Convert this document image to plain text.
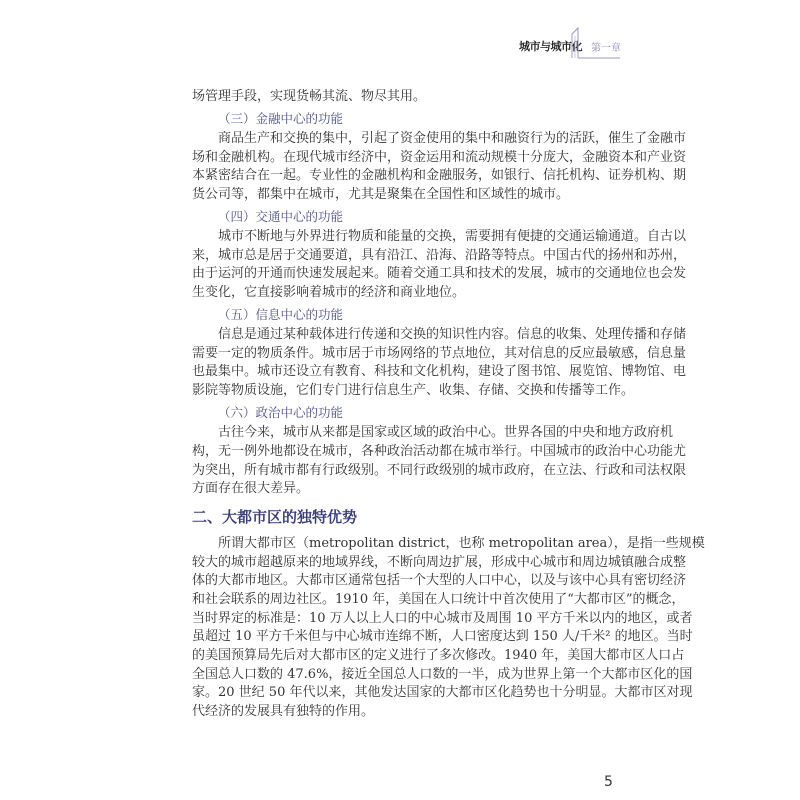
城市与城市化 第一章
场管理手段，实现货畅其流、物尽其用。
（三）金融中心的功能
商品生产和交换的集中，引起了资金使用的集中和融资行为的活跃，催生了金融市
场和金融机构。在现代城市经济中，资金运用和流动规模十分庞大，金融资本和产业资
本紧密结合在一起。专业性的金融机构和金融服务，如银行、信托机构、证券机构、期
货公司等，都集中在城市，尤其是聚集在全国性和区域性的城市。
（四）交通中心的功能
城市不断地与外界进行物质和能量的交换，需要拥有便捷的交通运输通道。自古以
来，城市总是居于交通要道，具有沿江、沿海、沿路等特点。中国古代的扬州和苏州，
由于运河的开通而快速发展起来。随着交通工具和技术的发展，城市的交通地位也会发
生变化，它直接影响着城市的经济和商业地位。
（五）信息中心的功能
信息是通过某种载体进行传递和交换的知识性内容。信息的收集、处理传播和存储
需要一定的物质条件。城市居于市场网络的节点地位，其对信息的反应最敏感，信息量
也最集中。城市还设立有教育、科技和文化机构，建设了图书馆、展览馆、博物馆、电
影院等物质设施，它们专门进行信息生产、收集、存储、交换和传播等工作。
（六）政治中心的功能
古往今来，城市从来都是国家或区域的政治中心。世界各国的中央和地方政府机
构，无一例外地都设在城市，各种政治活动都在城市举行。中国城市的政治中心功能尤
为突出，所有城市都有行政级别。不同行政级别的城市政府，在立法、行政和司法权限
方面存在很大差异。
二、大都市区的独特优势
所谓大都市区（metropolitan district，也称 metropolitan area），是指一些规模
较大的城市超越原来的地域界线，不断向周边扩展，形成中心城市和周边城镇融合成整
体的大都市地区。大都市区通常包括一个大型的人口中心，以及与该中心具有密切经济
和社会联系的周边社区。1910 年，美国在人口统计中首次使用了“大都市区”的概念，
当时界定的标准是：10 万人以上人口的中心城市及周围 10 平方千米以内的地区，或者
虽超过 10 平方千米但与中心城市连绵不断，人口密度达到 150 人/千米² 的地区。当时
的美国预算局先后对大都市区的定义进行了多次修改。1940 年，美国大都市区人口占
全国总人口数的 47.6%，接近全国总人口数的一半，成为世界上第一个大都市区化的国
家。20 世纪 50 年代以来，其他发达国家的大都市区化趋势也十分明显。大都市区对现
代经济的发展具有独特的作用。
5
